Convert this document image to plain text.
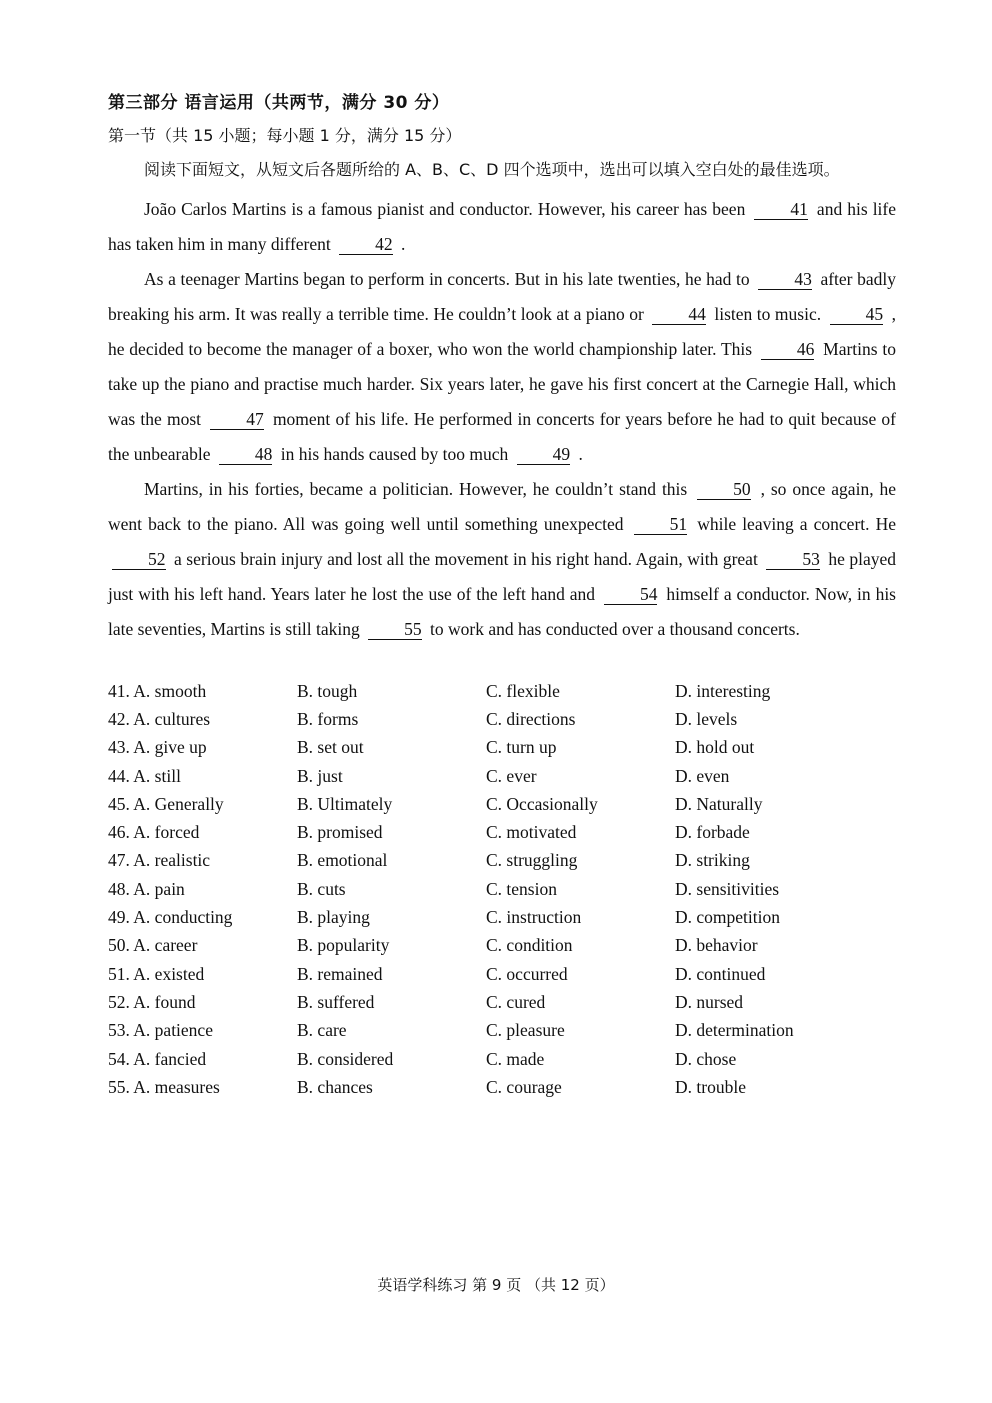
第三部分 语言运用（共两节，满分 30 分）
第一节（共 15 小题；每小题 1 分，满分 15 分）
阅读下面短文，从短文后各题所给的 A、B、C、D 四个选项中，选出可以填入空白处的最佳选项。

João Carlos Martins is a famous pianist and conductor. However, his career has been	41 and his life has taken him in many different	42 .

As a teenager Martins began to perform in concerts. But in his late twenties, he had to	43 after badly breaking his arm. It was really a terrible time. He couldn’t look at a piano or	44 listen to music.	45 , he decided to become the manager of a boxer, who won the world championship later. This	46 Martins to take up the piano and practise much harder. Six years later, he gave his first concert at the Carnegie Hall, which was the most	47 moment of his life. He performed in concerts for years before he had to quit because of the unbearable	48 in his hands caused by too much	49 .

Martins, in his forties, became a politician. However, he couldn’t stand this	50 , so once again, he went back to the piano. All was going well until something unexpected	51 while leaving a concert. He 52 a serious brain injury and lost all the movement in his right hand. Again, with great	53 he played just with his left hand. Years later he lost the use of the left hand and	54 himself a conductor. Now, in his late seventies, Martins is still taking	55 to work and has conducted over a thousand concerts.

41. A. smooth	B. tough	C. flexible	D. interesting
42. A. cultures	B. forms	C. directions	D. levels
43. A. give up	B. set out	C. turn up	D. hold out
44. A. still	B. just	C. ever	D. even
45. A. Generally	B. Ultimately	C. Occasionally	D. Naturally
46. A. forced	B. promised	C. motivated	D. forbade
47. A. realistic	B. emotional	C. struggling	D. striking
48. A. pain	B. cuts	C. tension	D. sensitivities
49. A. conducting	B. playing	C. instruction	D. competition
50. A. career	B. popularity	C. condition	D. behavior
51. A. existed	B. remained	C. occurred	D. continued
52. A. found	B. suffered	C. cured	D. nursed
53. A. patience	B. care	C. pleasure	D. determination
54. A. fancied	B. considered	C. made	D. chose
55. A. measures	B. chances	C. courage	D. trouble
英语学科练习 第 9 页 （共 12 页）
